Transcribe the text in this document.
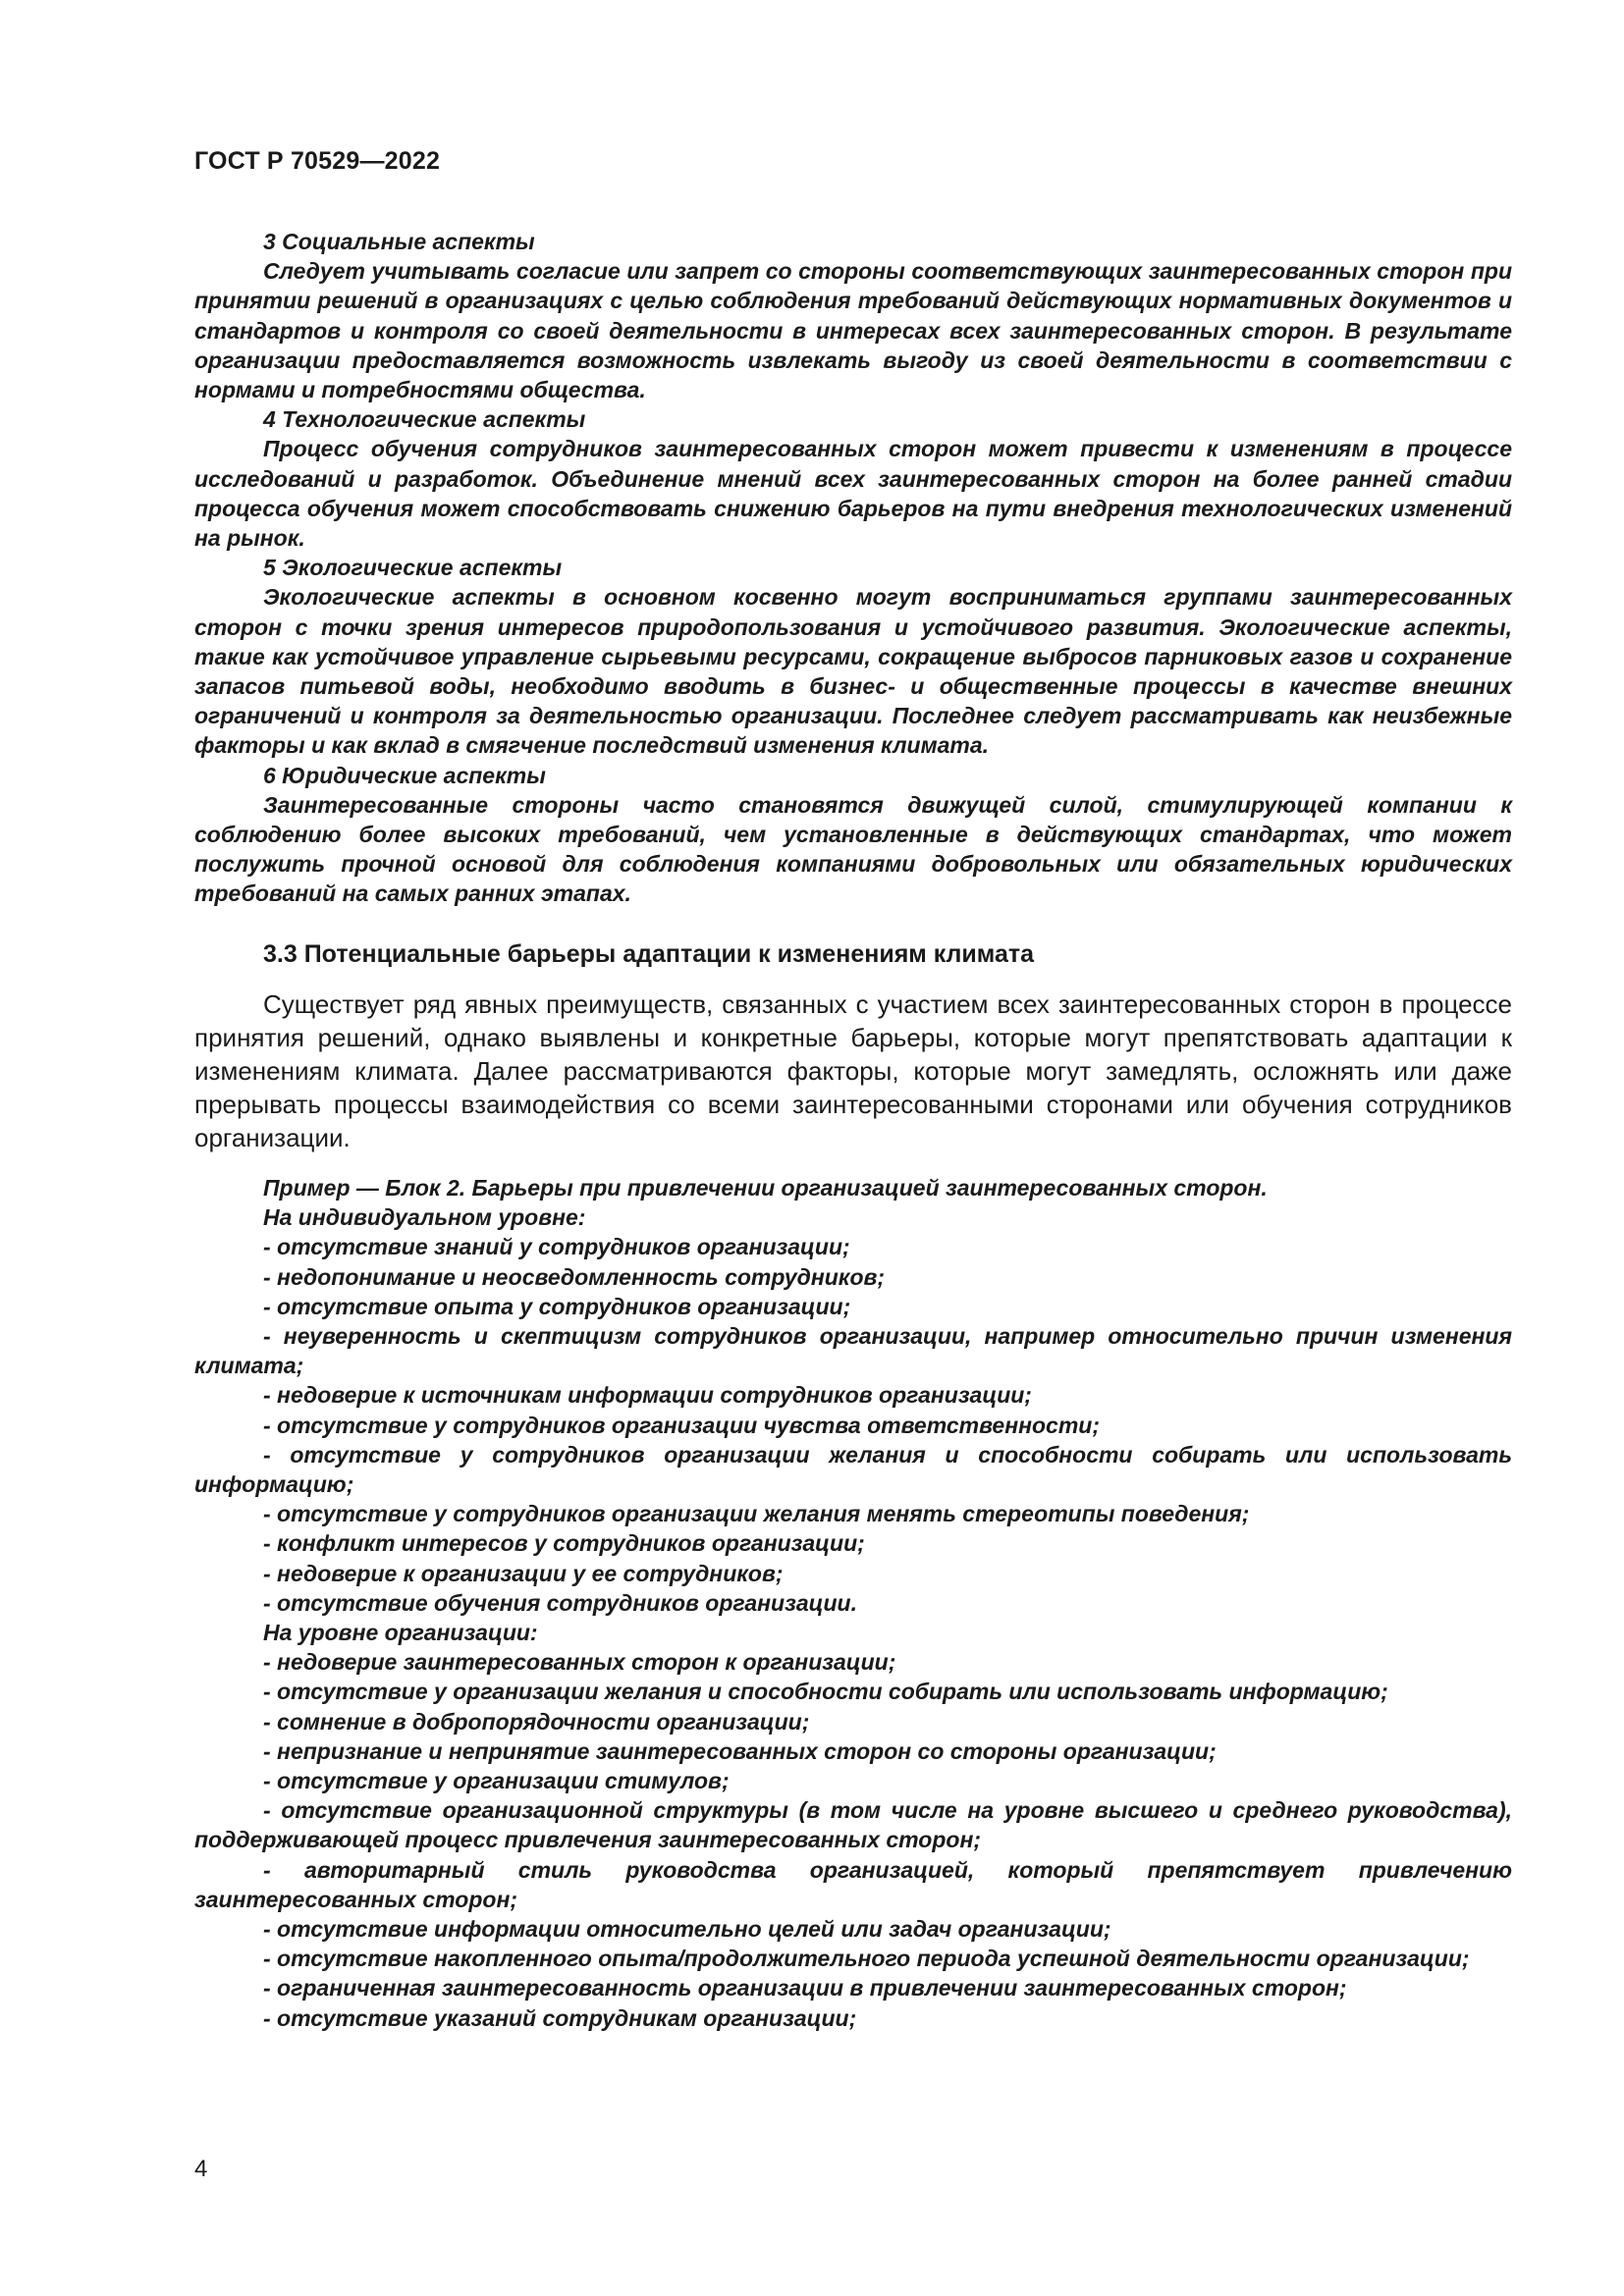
ГОСТ Р 70529—2022

3 Социальные аспекты

Следует учитывать согласие или запрет со стороны соответствующих заинтересованных сторон при принятии решений в организациях с целью соблюдения требований действующих нормативных документов и стандартов и контроля со своей деятельности в интересах всех заинтересованных сторон. В результате организации предоставляется возможность извлекать выгоду из своей деятельности в соответствии с нормами и потребностями общества.

4 Технологические аспекты

Процесс обучения сотрудников заинтересованных сторон может привести к изменениям в процессе исследований и разработок. Объединение мнений всех заинтересованных сторон на более ранней стадии процесса обучения может способствовать снижению барьеров на пути внедрения технологических изменений на рынок.

5 Экологические аспекты

Экологические аспекты в основном косвенно могут восприниматься группами заинтересованных сторон с точки зрения интересов природопользования и устойчивого развития. Экологические аспекты, такие как устойчивое управление сырьевыми ресурсами, сокращение выбросов парниковых газов и сохранение запасов питьевой воды, необходимо вводить в бизнес- и общественные процессы в качестве внешних ограничений и контроля за деятельностью организации. Последнее следует рассматривать как неизбежные факторы и как вклад в смягчение последствий изменения климата.

6 Юридические аспекты

Заинтересованные стороны часто становятся движущей силой, стимулирующей компании к соблюдению более высоких требований, чем установленные в действующих стандартах, что может послужить прочной основой для соблюдения компаниями добровольных или обязательных юридических требований на самых ранних этапах.

3.3 Потенциальные барьеры адаптации к изменениям климата

Существует ряд явных преимуществ, связанных с участием всех заинтересованных сторон в процессе принятия решений, однако выявлены и конкретные барьеры, которые могут препятствовать адаптации к изменениям климата. Далее рассматриваются факторы, которые могут замедлять, осложнять или даже прерывать процессы взаимодействия со всеми заинтересованными сторонами или обучения сотрудников организации.

Пример — Блок 2. Барьеры при привлечении организацией заинтересованных сторон.

На индивидуальном уровне:

- отсутствие знаний у сотрудников организации;

- недопонимание и неосведомленность сотрудников;

- отсутствие опыта у сотрудников организации;

- неуверенность и скептицизм сотрудников организации, например относительно причин изменения климата;

- недоверие к источникам информации сотрудников организации;

- отсутствие у сотрудников организации чувства ответственности;

- отсутствие у сотрудников организации желания и способности собирать или использовать информацию;

- отсутствие у сотрудников организации желания менять стереотипы поведения;

- конфликт интересов у сотрудников организации;

- недоверие к организации у ее сотрудников;

- отсутствие обучения сотрудников организации.

На уровне организации:

- недоверие заинтересованных сторон к организации;

- отсутствие у организации желания и способности собирать или использовать информацию;

- сомнение в добропорядочности организации;

- непризнание и непринятие заинтересованных сторон со стороны организации;

- отсутствие у организации стимулов;

- отсутствие организационной структуры (в том числе на уровне высшего и среднего руководства), поддерживающей процесс привлечения заинтересованных сторон;

- авторитарный стиль руководства организацией, который препятствует привлечению заинтересованных сторон;

- отсутствие информации относительно целей или задач организации;

- отсутствие накопленного опыта/продолжительного периода успешной деятельности организации;

- ограниченная заинтересованность организации в привлечении заинтересованных сторон;

- отсутствие указаний сотрудникам организации;

4
